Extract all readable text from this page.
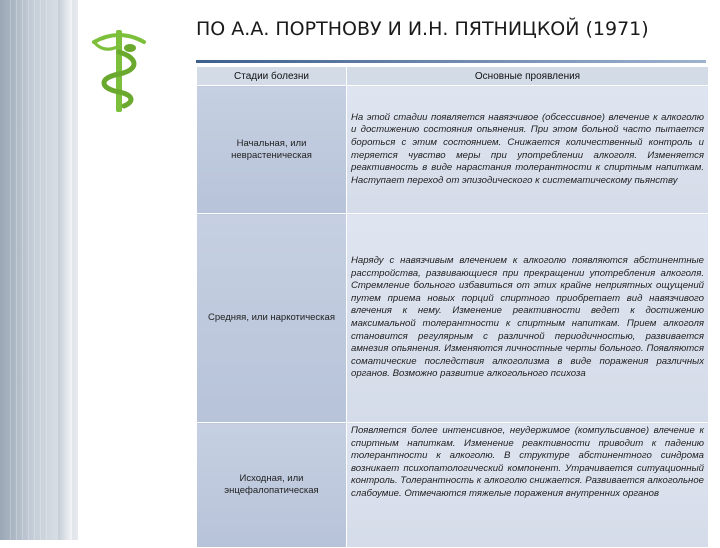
ПО А.А. ПОРТНОВУ И И.Н. ПЯТНИЦКОЙ (1971)
Стадии болезни	Основные проявления
Начальная, или неврастеническая	На этой стадии появляется навязчивое (обсессивное) влечение к алкоголю и достижению состояния опьянения. При этом больной часто пытается бороться с этим состоянием. Снижается количественный контроль и теряется чувство меры при употреблении алкоголя. Изменяется реактивность в виде нарастания толерантности к спиртным напиткам. Наступает переход от эпизодического к систематическому пьянству
Средняя, или наркотическая	Наряду с навязчивым влечением к алкоголю появляются абстинентные расстройства, развивающиеся при прекращении употребления алкоголя. Стремление больного избавиться от этих крайне неприятных ощущений путем приема новых порций спиртного приобретает вид навязчивого влечения к нему. Изменение реактивности ведет к достижению максимальной толерантности к спиртным напиткам. Прием алкоголя становится регулярным с различной периодичностью, развивается амнезия опьянения. Изменяются личностные черты больного. Появляются соматические последствия алкоголизма в виде поражения различных органов. Возможно развитие алкогольного психоза
Исходная, или энцефалопатическая	Появляется более интенсивное, неудержимое (компульсивное) влечение к спиртным напиткам. Изменение реактивности приводит к падению толерантности к алкоголю. В структуре абстинентного синдрома возникает психопатологический компонент. Утрачивается ситуационный контроль. Толерантность к алкоголю снижается. Развивается алкогольное слабоумие. Отмечаются тяжелые поражения внутренних органов
